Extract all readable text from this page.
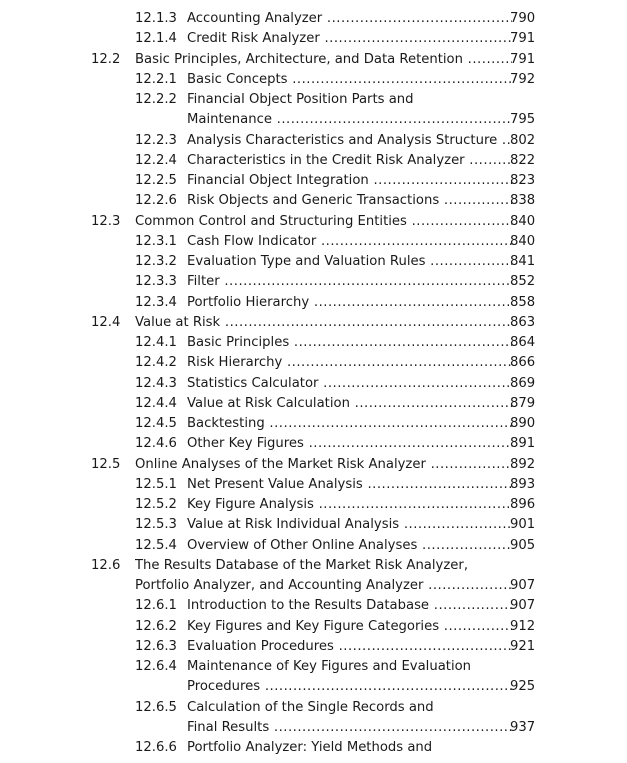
12.1.3 Accounting Analyzer .....	790
12.1.4 Credit Risk Analyzer .....	791
12.2 Basic Principles, Architecture, and Data Retention .....	791
12.2.1 Basic Concepts .....	792
12.2.2 Financial Object Position Parts and
Maintenance .....	795
12.2.3 Analysis Characteristics and Analysis Structure ..... 802
12.2.4 Characteristics in the Credit Risk Analyzer .....	822
12.2.5 Financial Object Integration .....	823
12.2.6 Risk Objects and Generic Transactions .....	838
12.3 Common Control and Structuring Entities .....	840
12.3.1 Cash Flow Indicator .....	840
12.3.2 Evaluation Type and Valuation Rules .....	841
12.3.3 Filter .....	852
12.3.4 Portfolio Hierarchy .....	858
12.4 Value at Risk .....	863
12.4.1 Basic Principles .....	864
12.4.2 Risk Hierarchy .....	866
12.4.3 Statistics Calculator .....	869
12.4.4 Value at Risk Calculation .....	879
12.4.5 Backtesting .....	890
12.4.6 Other Key Figures .....	891
12.5 Online Analyses of the Market Risk Analyzer .....	892
12.5.1 Net Present Value Analysis .....	893
12.5.2 Key Figure Analysis .....	896
12.5.3 Value at Risk Individual Analysis .....	901
12.5.4 Overview of Other Online Analyses .....	905
12.6 The Results Database of the Market Risk Analyzer,
Portfolio Analyzer, and Accounting Analyzer .....	907
12.6.1 Introduction to the Results Database .....	907
12.6.2 Key Figures and Key Figure Categories .....	912
12.6.3 Evaluation Procedures .....	921
12.6.4 Maintenance of Key Figures and Evaluation
Procedures .....	925
12.6.5 Calculation of the Single Records and
Final Results .....	937
12.6.6 Portfolio Analyzer: Yield Methods and
